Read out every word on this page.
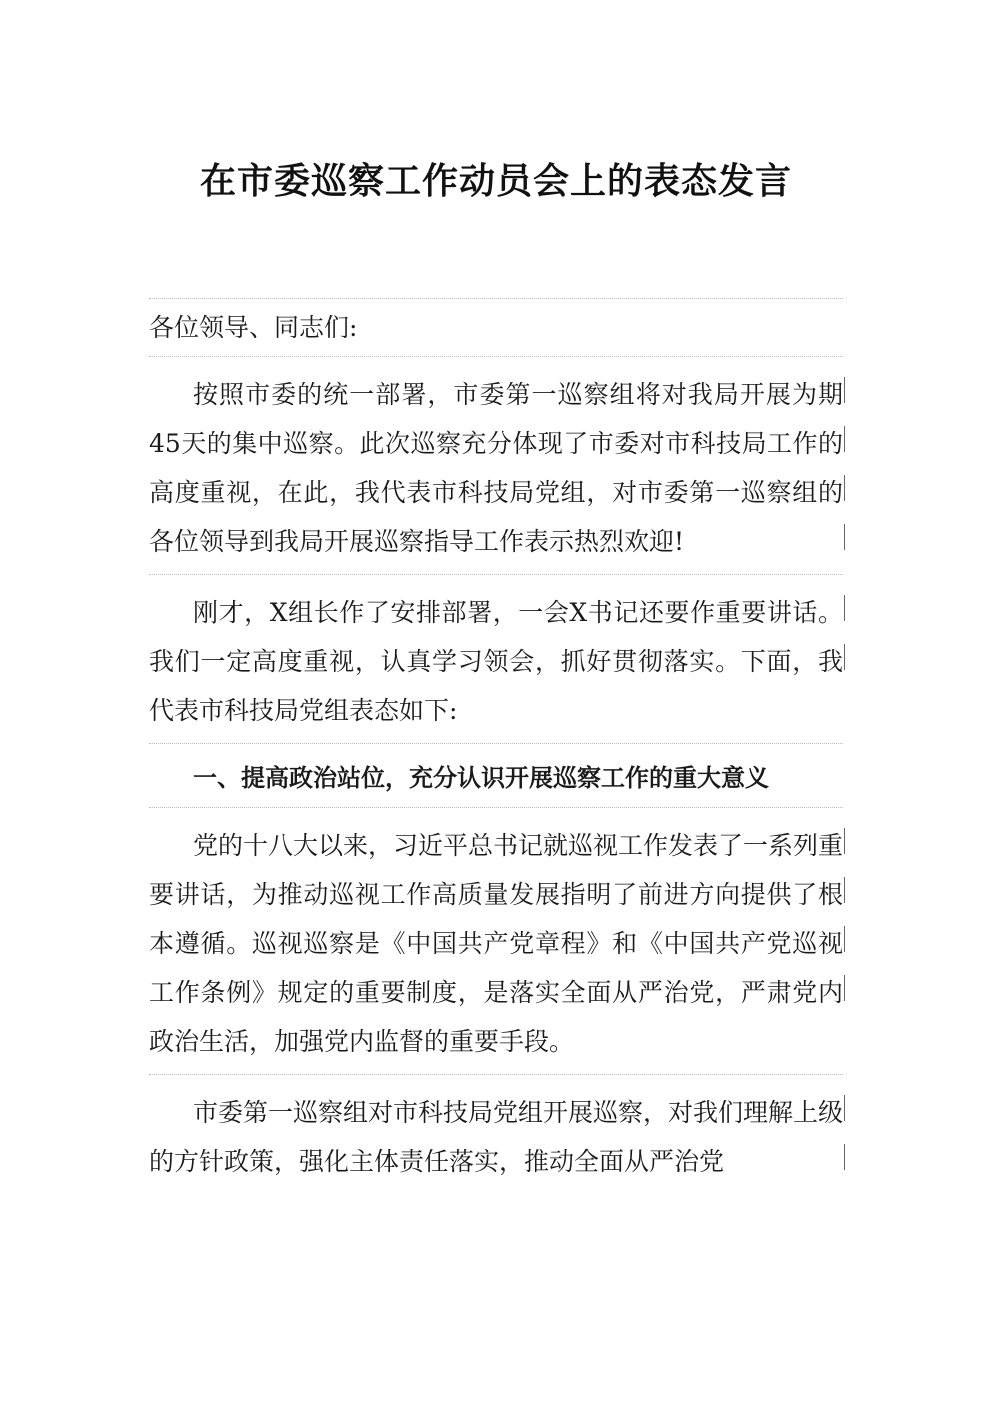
在市委巡察工作动员会上的表态发言
各位领导、同志们:
按照市委的统一部署，市委第一巡察组将对我局开展为期45天的集中巡察。此次巡察充分体现了市委对市科技局工作的高度重视，在此，我代表市科技局党组，对市委第一巡察组的各位领导到我局开展巡察指导工作表示热烈欢迎!
刚才，X组长作了安排部署，一会X书记还要作重要讲话。我们一定高度重视，认真学习领会，抓好贯彻落实。下面，我代表市科技局党组表态如下:
一、提高政治站位，充分认识开展巡察工作的重大意义
党的十八大以来，习近平总书记就巡视工作发表了一系列重要讲话，为推动巡视工作高质量发展指明了前进方向提供了根本遵循。巡视巡察是《中国共产党章程》和《中国共产党巡视工作条例》规定的重要制度，是落实全面从严治党，严肃党内政治生活，加强党内监督的重要手段。
市委第一巡察组对市科技局党组开展巡察，对我们理解上级的方针政策，强化主体责任落实，推动全面从严治党
